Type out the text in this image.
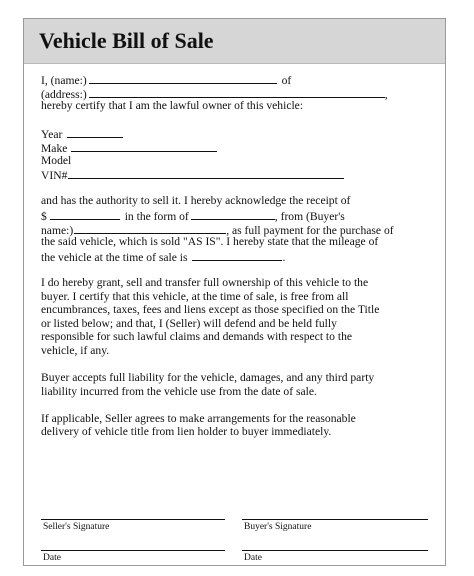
Vehicle Bill of Sale
I, (name:)	of
(address:)	,
hereby certify that I am the lawful owner of this vehicle:
Year
Make
Model
VIN#
and has the authority to sell it. I hereby acknowledge the receipt of
$	in the form of	, from (Buyer's
name:)	, as full payment for the purchase of
the said vehicle, which is sold "AS IS". I hereby state that the mileage of
the vehicle at the time of sale is	.
I do hereby grant, sell and transfer full ownership of this vehicle to the
buyer. I certify that this vehicle, at the time of sale, is free from all
encumbrances, taxes, fees and liens except as those specified on the Title
or listed below; and that, I (Seller) will defend and be held fully
responsible for such lawful claims and demands with respect to the
vehicle, if any.
Buyer accepts full liability for the vehicle, damages, and any third party
liability incurred from the vehicle use from the date of sale.
If applicable, Seller agrees to make arrangements for the reasonable
delivery of vehicle title from lien holder to buyer immediately.
Seller's Signature	Buyer's Signature
Date	Date
